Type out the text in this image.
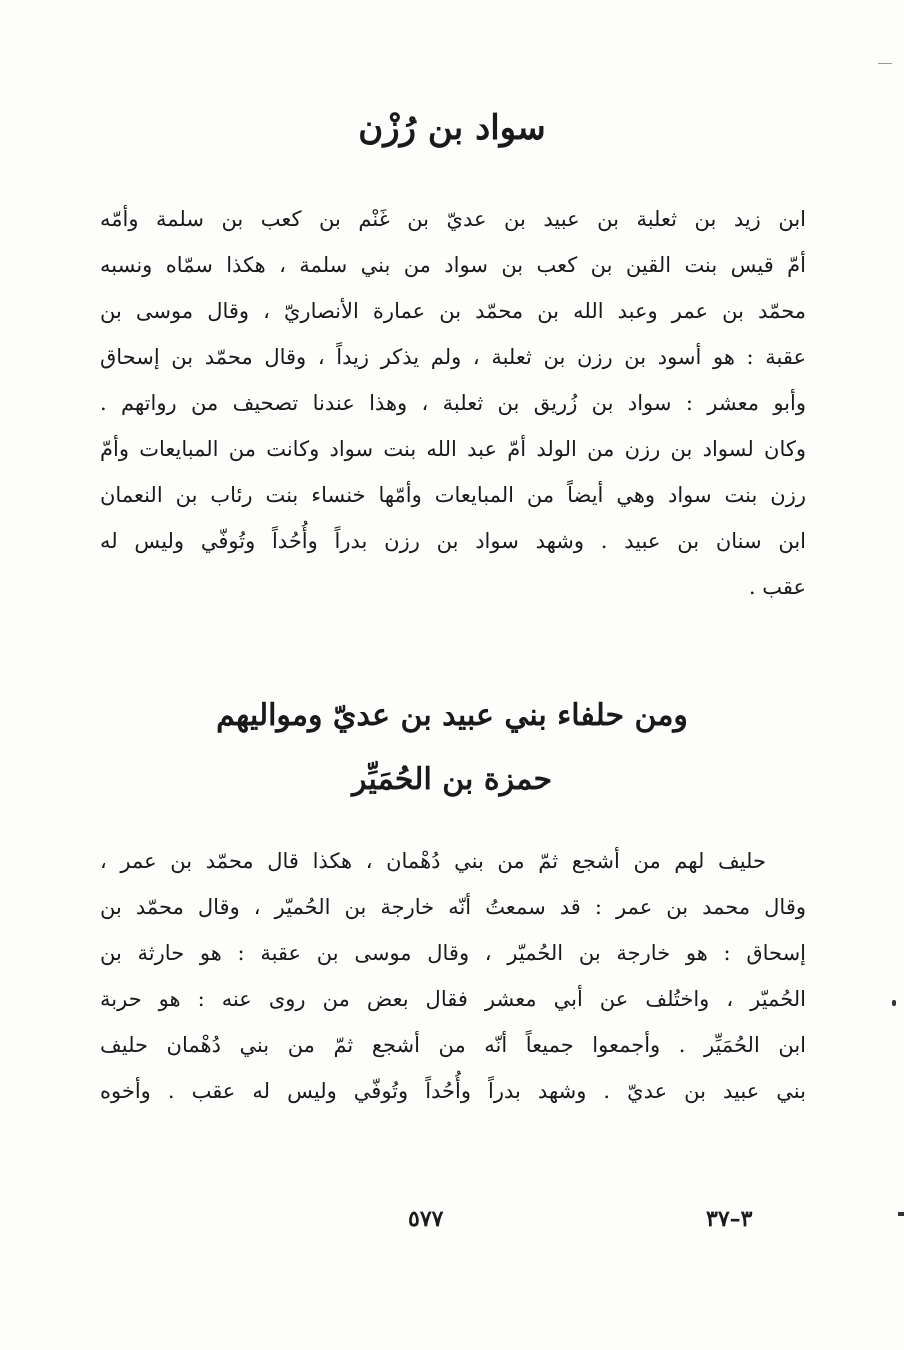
سواد بن رُزْن
ابن زيد بن ثعلبة بن عبيد بن عديّ بن غَنْم بن كعب بن سلمة وأمّه
أمّ قيس بنت القين بن كعب بن سواد من بني سلمة ، هكذا سمّاه ونسبه
محمّد بن عمر وعبد الله بن محمّد بن عمارة الأنصاريّ ، وقال موسى بن
عقبة : هو أسود بن رزن بن ثعلبة ، ولم يذكر زيداً ، وقال محمّد بن إسحاق
وأبو معشر : سواد بن زُريق بن ثعلبة ، وهذا عندنا تصحيف من رواتهم .
وكان لسواد بن رزن من الولد أمّ عبد الله بنت سواد وكانت من المبايعات وأمّ
رزن بنت سواد وهي أيضاً من المبايعات وأمّها خنساء بنت رئاب بن النعمان
ابن سنان بن عبيد . وشهد سواد بن رزن بدراً وأُحُداً وتُوفّي وليس له
عقب .
ومن حلفاء بني عبيد بن عديّ ومواليهم
حمزة بن الحُمَيِّر
حليف لهم من أشجع ثمّ من بني دُهْمان ، هكذا قال محمّد بن عمر ،
وقال محمد بن عمر : قد سمعتُ أنّه خارجة بن الحُميّر ، وقال محمّد بن
إسحاق : هو خارجة بن الحُميّر ، وقال موسى بن عقبة : هو حارثة بن
الحُميّر ، واختُلف عن أبي معشر فقال بعض من روى عنه : هو حربة
ابن الحُمَيِّر . وأجمعوا جميعاً أنّه من أشجع ثمّ من بني دُهْمان حليف
بني عبيد بن عديّ . وشهد بدراً وأُحُداً وتُوفّي وليس له عقب . وأخوه
٥٧٧	٣–٣٧
